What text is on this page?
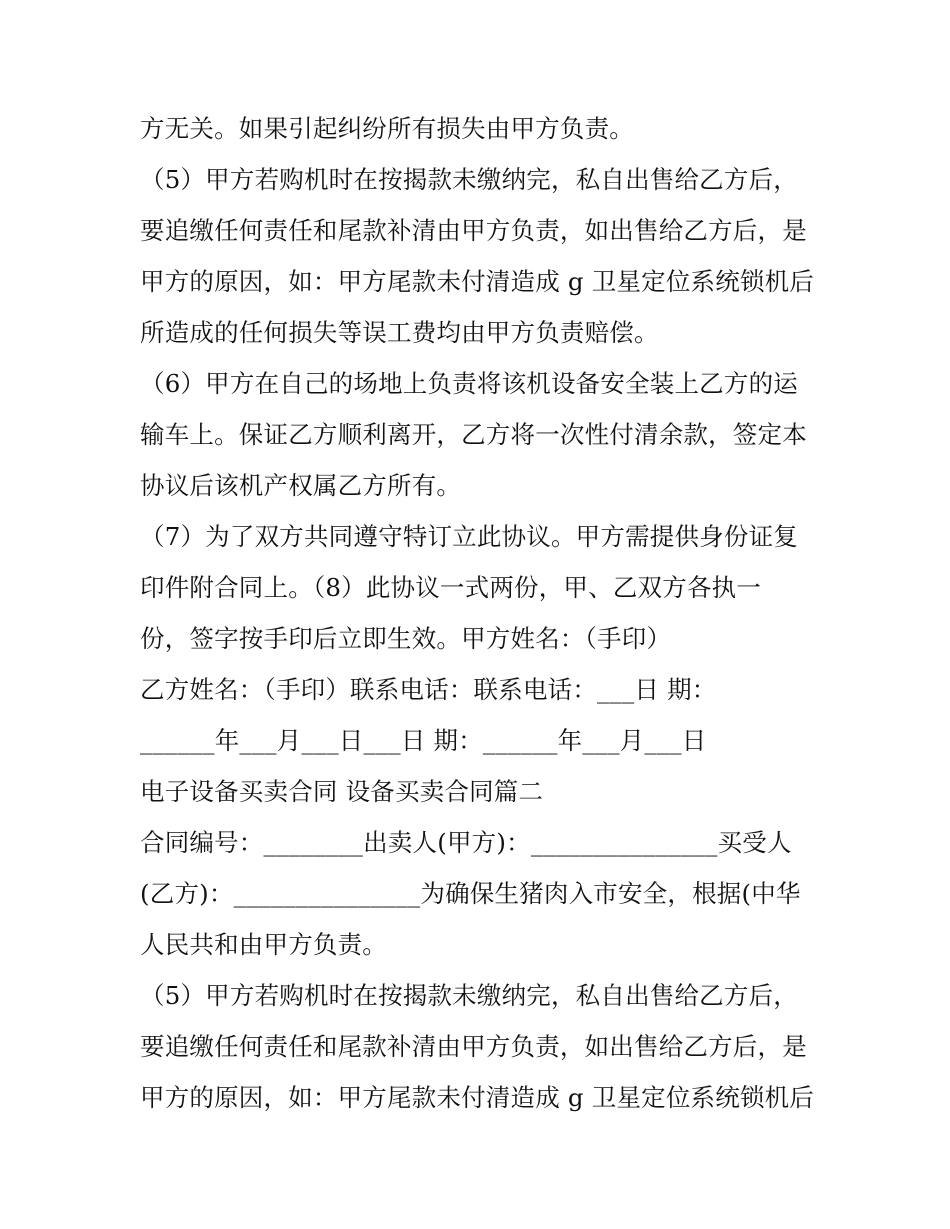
方无关。如果引起纠纷所有损失由甲方负责。
（5）甲方若购机时在按揭款未缴纳完，私自出售给乙方后，
要追缴任何责任和尾款补清由甲方负责，如出售给乙方后，是
甲方的原因，如：甲方尾款未付清造成 g 卫星定位系统锁机后
所造成的任何损失等误工费均由甲方负责赔偿。
（6）甲方在自己的场地上负责将该机设备安全装上乙方的运
输车上。保证乙方顺利离开，乙方将一次性付清余款，签定本
协议后该机产权属乙方所有。
（7）为了双方共同遵守特订立此协议。甲方需提供身份证复
印件附合同上。（8）此协议一式两份，甲、乙双方各执一
份，签字按手印后立即生效。甲方姓名：（手印）
乙方姓名：（手印）联系电话：联系电话：___日 期：
______年___月___日___日 期：______年___月___日
电子设备买卖合同 设备买卖合同篇二
合同编号：________出卖人(甲方)：_______________买受人
(乙方)：_______________为确保生猪肉入市安全，根据(中华
人民共和由甲方负责。
（5）甲方若购机时在按揭款未缴纳完，私自出售给乙方后，
要追缴任何责任和尾款补清由甲方负责，如出售给乙方后，是
甲方的原因，如：甲方尾款未付清造成 g 卫星定位系统锁机后
